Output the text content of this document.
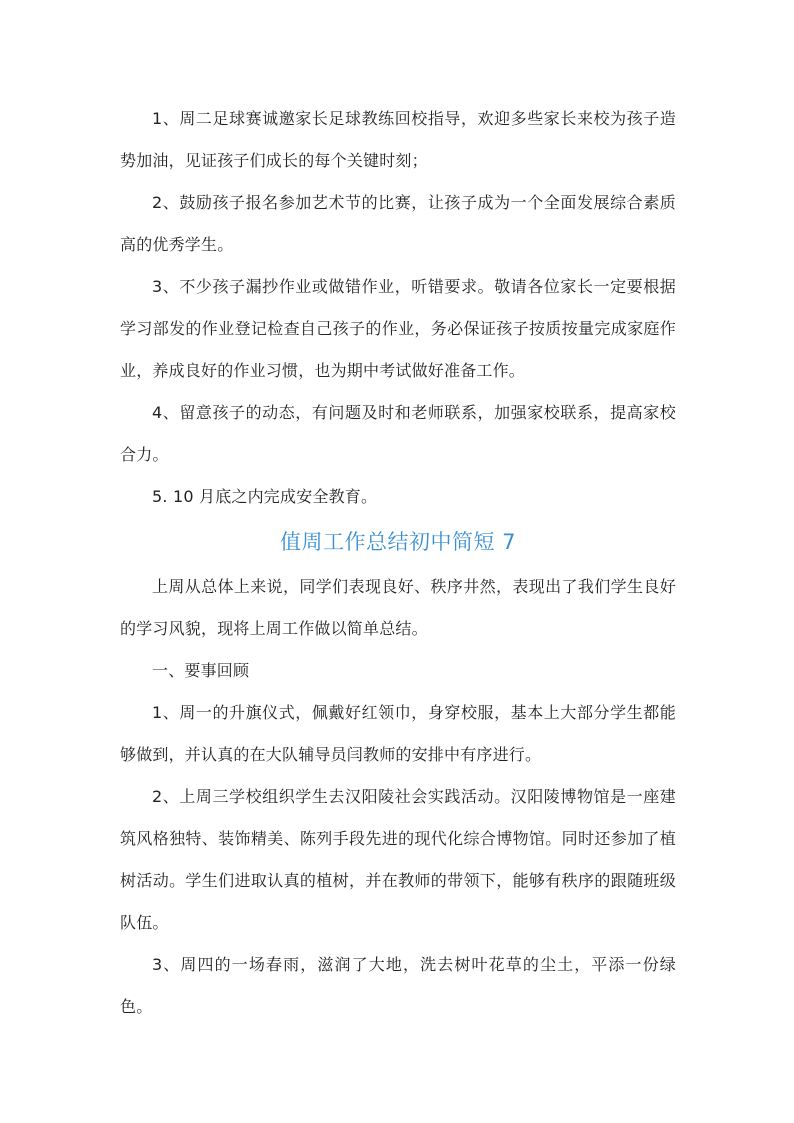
1、周二足球赛诚邀家长足球教练回校指导，欢迎多些家长来校为孩子造势加油，见证孩子们成长的每个关键时刻；

2、鼓励孩子报名参加艺术节的比赛，让孩子成为一个全面发展综合素质高的优秀学生。

3、不少孩子漏抄作业或做错作业，听错要求。敬请各位家长一定要根据学习部发的作业登记检查自己孩子的作业，务必保证孩子按质按量完成家庭作业，养成良好的作业习惯，也为期中考试做好准备工作。

4、留意孩子的动态，有问题及时和老师联系，加强家校联系，提高家校合力。

5. 10 月底之内完成安全教育。

值周工作总结初中简短 7

上周从总体上来说，同学们表现良好、秩序井然，表现出了我们学生良好的学习风貌，现将上周工作做以简单总结。

一、要事回顾

1、周一的升旗仪式，佩戴好红领巾，身穿校服，基本上大部分学生都能够做到，并认真的在大队辅导员闫教师的安排中有序进行。

2、上周三学校组织学生去汉阳陵社会实践活动。汉阳陵博物馆是一座建筑风格独特、装饰精美、陈列手段先进的现代化综合博物馆。同时还参加了植树活动。学生们进取认真的植树，并在教师的带领下，能够有秩序的跟随班级队伍。

3、周四的一场春雨，滋润了大地，洗去树叶花草的尘土，平添一份绿色。
